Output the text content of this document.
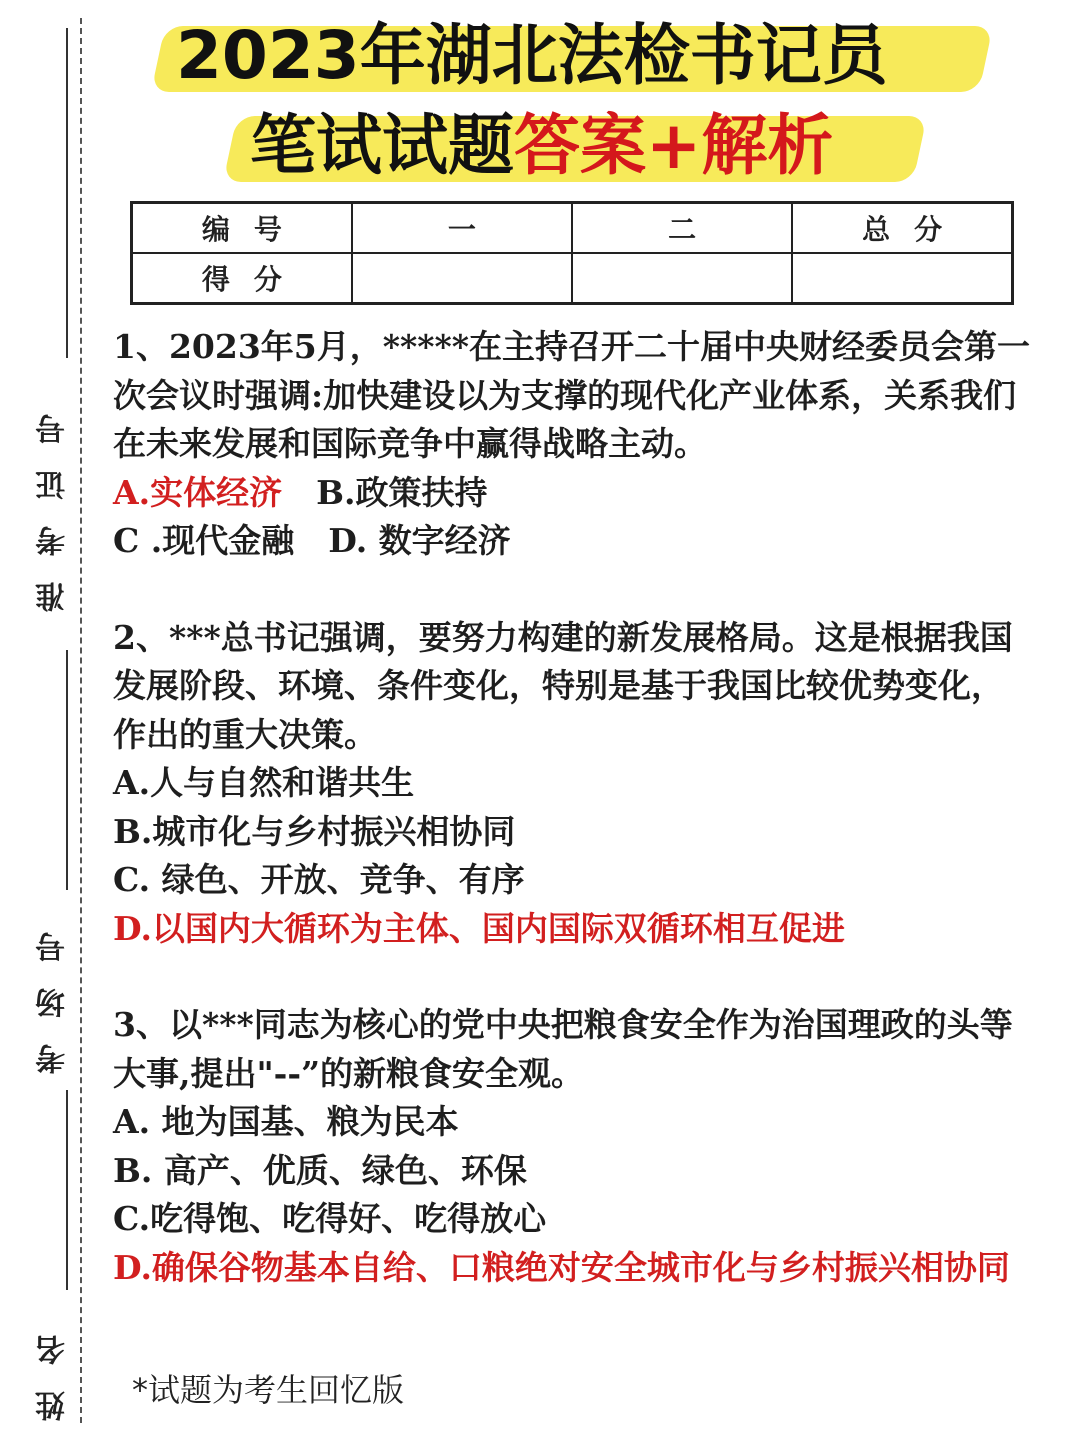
准考证号
考场号
姓名
2023年湖北法检书记员
笔试试题答案+解析
编号	一	二	总分
得分			

1、2023年5月，*****在主持召开二十届中央财经委员会第一次会议时强调:加快建设以为支撑的现代化产业体系，关系我们在未来发展和国际竞争中赢得战略主动。

A.实体经济 B.政策扶持

C .现代金融 D. 数字经济

2、***总书记强调，要努力构建的新发展格局。这是根据我国发展阶段、环境、条件变化，特别是基于我国比较优势变化，作出的重大决策。

A.人与自然和谐共生

B.城市化与乡村振兴相协同

C. 绿色、开放、竞争、有序

D.以国内大循环为主体、国内国际双循环相互促进

3、以***同志为核心的党中央把粮食安全作为治国理政的头等大事,提出"--”的新粮食安全观。

A. 地为国基、粮为民本

B. 高产、优质、绿色、环保

C.吃得饱、吃得好、吃得放心

D.确保谷物基本自给、口粮绝对安全城市化与乡村振兴相协同

*试题为考生回忆版
